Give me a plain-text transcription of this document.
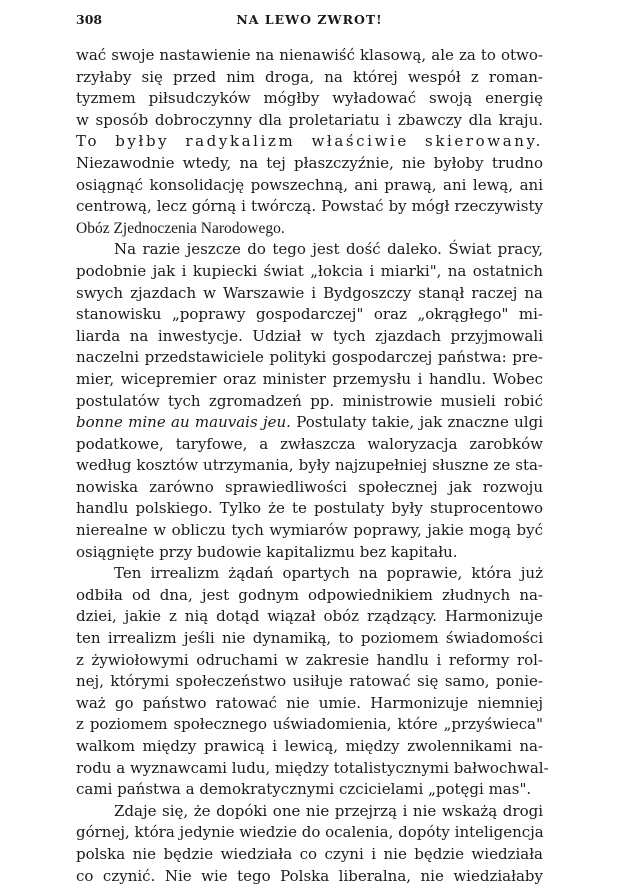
308	NA LEWO ZWROT!
wać swoje nastawienie na nienawiść klasową, ale za to otwo-
rzyłaby się przed nim droga, na której wespół z roman-
tyzmem piłsudczyków mógłby wyładować swoją energię
w sposób dobroczynny dla proletariatu i zbawczy dla kraju.
To byłby radykalizm właściwie skierowany.
Niezawodnie wtedy, na tej płaszczyźnie, nie byłoby trudno
osiągnąć konsolidację powszechną, ani prawą, ani lewą, ani
centrową, lecz górną i twórczą. Powstać by mógł rzeczywisty
Obóz Zjednoczenia Narodowego.
Na razie jeszcze do tego jest dość daleko. Świat pracy,
podobnie jak i kupiecki świat „łokcia i miarki", na ostatnich
swych zjazdach w Warszawie i Bydgoszczy stanął raczej na
stanowisku „poprawy gospodarczej" oraz „okrągłego" mi-
liarda na inwestycje. Udział w tych zjazdach przyjmowali
naczelni przedstawiciele polityki gospodarczej państwa: pre-
mier, wicepremier oraz minister przemysłu i handlu. Wobec
postulatów tych zgromadzeń pp. ministrowie musieli robić
bonne mine au mauvais jeu. Postulaty takie, jak znaczne ulgi
podatkowe, taryfowe, a zwłaszcza waloryzacja zarobków
według kosztów utrzymania, były najzupełniej słuszne ze sta-
nowiska zarówno sprawiedliwości społecznej jak rozwoju
handlu polskiego. Tylko że te postulaty były stuprocentowo
nierealne w obliczu tych wymiarów poprawy, jakie mogą być
osiągnięte przy budowie kapitalizmu bez kapitału.
Ten irrealizm żądań opartych na poprawie, która już
odbiła od dna, jest godnym odpowiednikiem złudnych na-
dziei, jakie z nią dotąd wiązał obóz rządzący. Harmonizuje
ten irrealizm jeśli nie dynamiką, to poziomem świadomości
z żywiołowymi odruchami w zakresie handlu i reformy rol-
nej, którymi społeczeństwo usiłuje ratować się samo, ponie-
waż go państwo ratować nie umie. Harmonizuje niemniej
z poziomem społecznego uświadomienia, które „przyświeca"
walkom między prawicą i lewicą, między zwolennikami na-
rodu a wyznawcami ludu, między totalistycznymi bałwochwal-
cami państwa a demokratycznymi czcicielami „potęgi mas".
Zdaje się, że dopóki one nie przejrzą i nie wskażą drogi
górnej, która jedynie wiedzie do ocalenia, dopóty inteligencja
polska nie będzie wiedziała co czyni i nie będzie wiedziała
co czynić. Nie wie tego Polska liberalna, nie wiedziałaby
